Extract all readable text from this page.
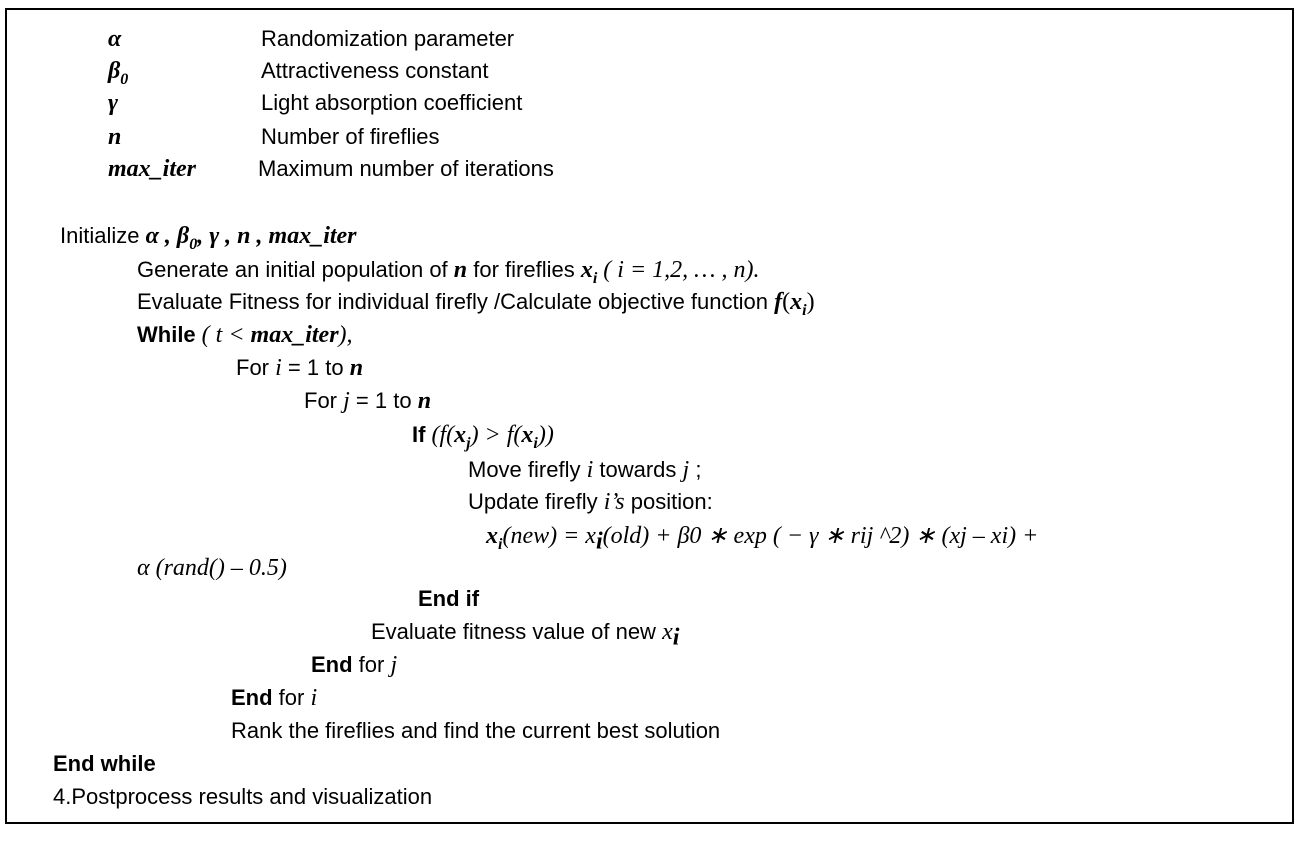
α	Randomization parameter
$\beta_0$	Attractiveness constant
γ	Light absorption coefficient
n	Number of fireflies
max_iter	Maximum number of iterations
Initialize α , $\beta_0$, γ , n , max_iter
Generate an initial population of n for fireflies $x_i$ ( i = 1,2, … , n).
Evaluate Fitness for individual firefly /Calculate objective function $f(x_i)$
While ( t < max_iter),
For i = 1 to n
For j = 1 to n
If $(f(x_j) > f(x_i))$
Move firefly i towards j ;
Update firefly i’s position:
$x_i(new) = x_i(old) + \beta 0$ ∗ exp ( − γ ∗ rij ^2) ∗ (xj – xi) +
α (rand() – 0.5)
End if
Evaluate fitness value of new $x_i$
End for j
End for i
Rank the fireflies and find the current best solution
End while
4.Postprocess results and visualization
